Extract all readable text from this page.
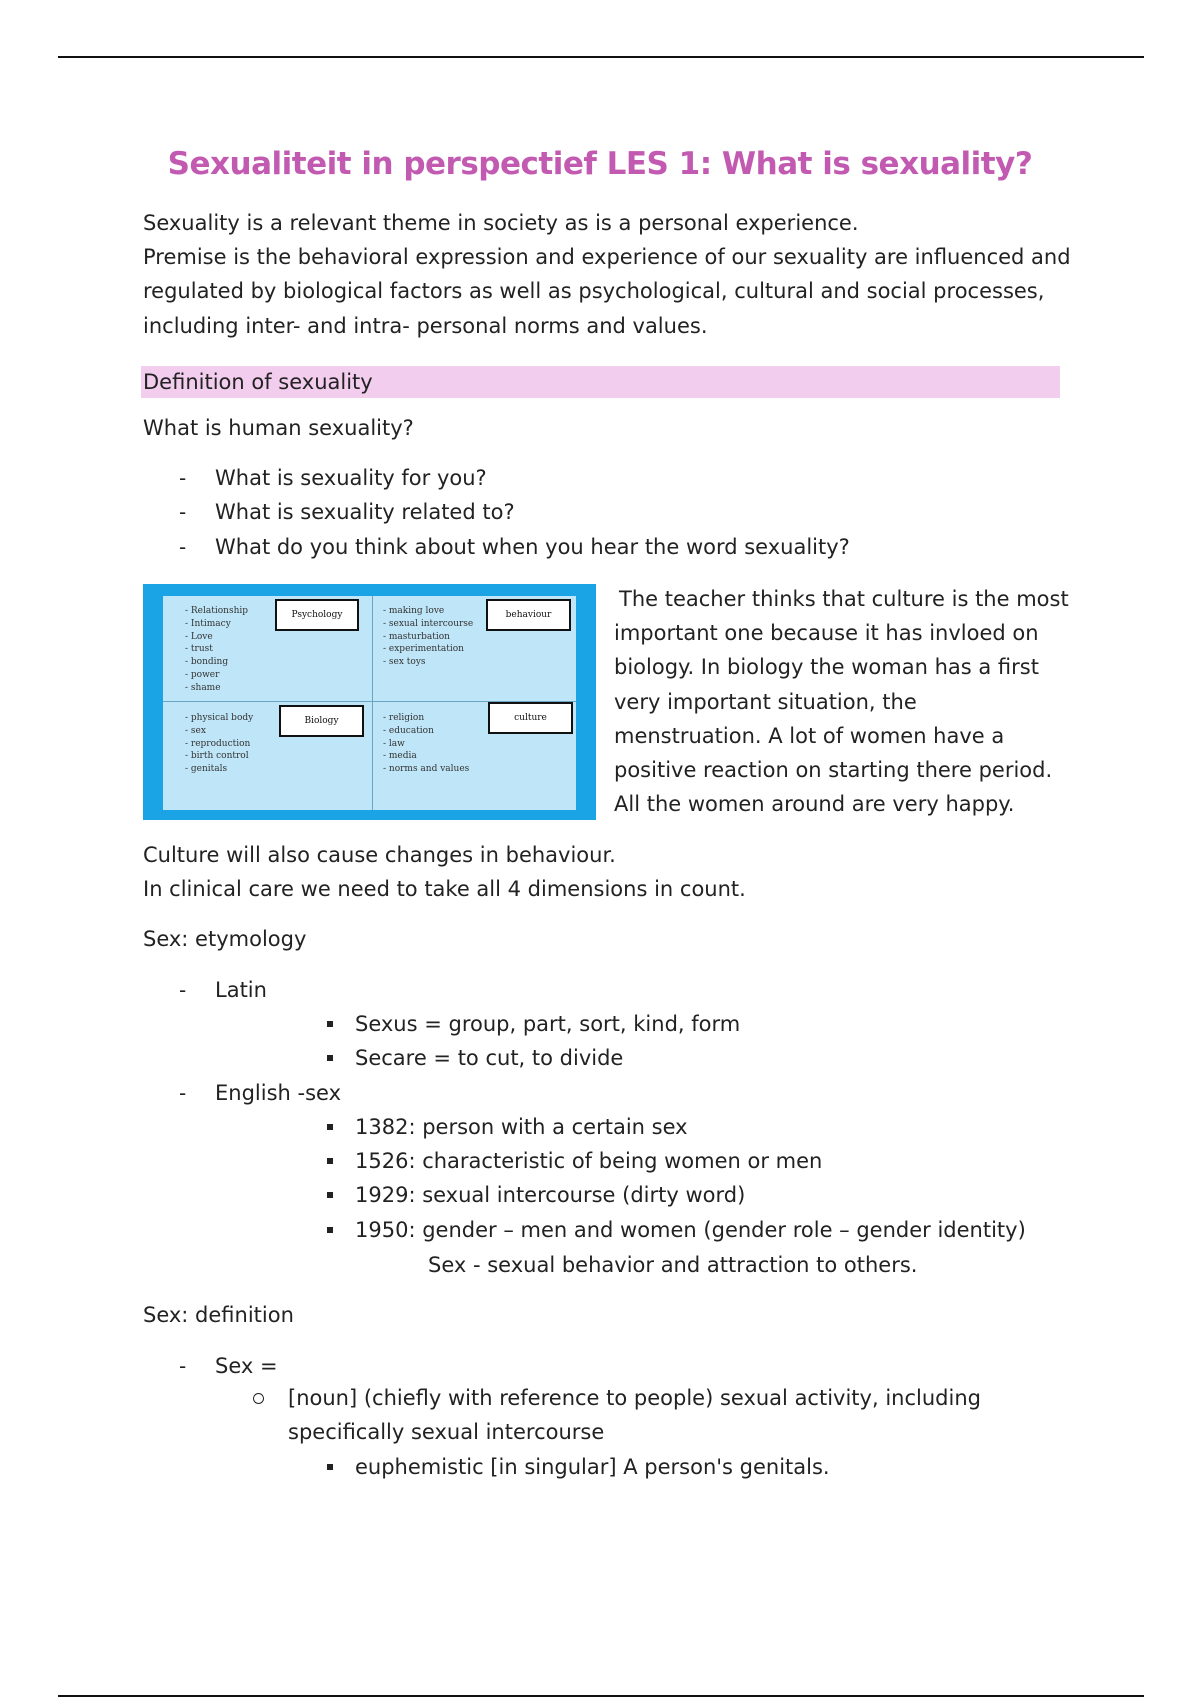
Sexualiteit in perspectief LES 1: What is sexuality?
Sexuality is a relevant theme in society as is a personal experience.
Premise is the behavioral expression and experience of our sexuality are influenced and regulated by biological factors as well as psychological, cultural and social processes, including inter- and intra- personal norms and values.
Definition of sexuality
What is human sexuality?
- What is sexuality for you?
- What is sexuality related to?
- What do you think about when you hear the word sexuality?
- Relationship
- Intimacy
- Love
- trust
- bonding
- power
- shame
Psychology	- making love
- sexual intercourse
- masturbation
- experimentation
- sex toys
behaviour
- physical body
- sex
- reproduction
- birth control
- genitals
Biology	- religion
- education
- law
- media
- norms and values
culture
The teacher thinks that culture is the most
important one because it has invloed on
biology. In biology the woman has a first
very important situation, the
menstruation. A lot of women have a
positive reaction on starting there period.
All the women around are very happy.
Culture will also cause changes in behaviour.
In clinical care we need to take all 4 dimensions in count.
Sex: etymology
- Latin
Sexus = group, part, sort, kind, form
Secare = to cut, to divide
- English -sex
1382: person with a certain sex
1526: characteristic of being women or men
1929: sexual intercourse (dirty word)
1950: gender – men and women (gender role – gender identity)
Sex - sexual behavior and attraction to others.
Sex: definition
- Sex =
[noun] (chiefly with reference to people) sexual activity, including
specifically sexual intercourse
euphemistic [in singular] A person's genitals.
